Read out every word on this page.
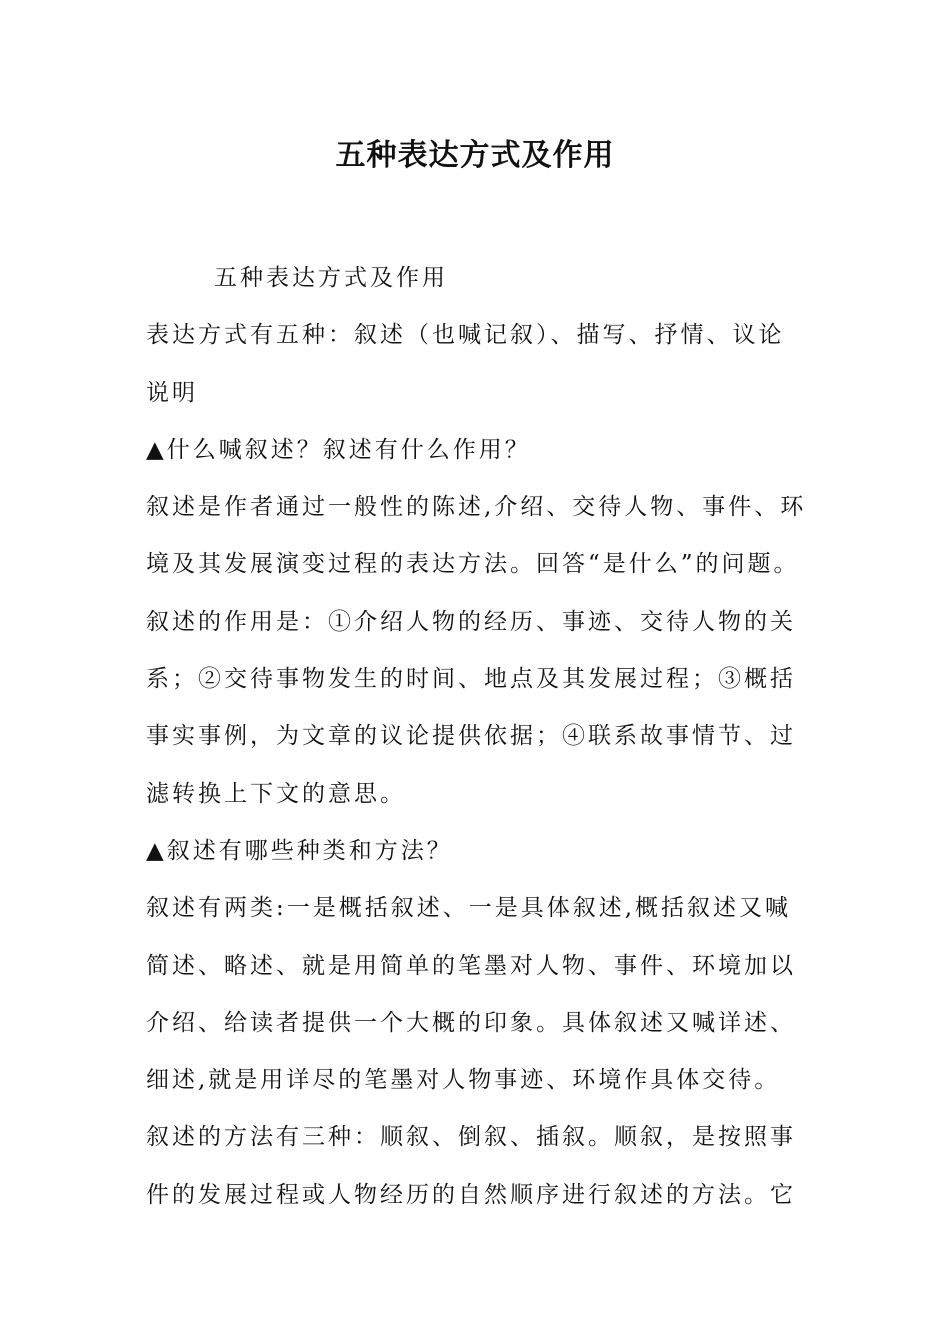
五种表达方式及作用
五种表达方式及作用
表达方式有五种：叙述（也喊记叙）、描写、抒情、议论
说明
▲什么喊叙述？叙述有什么作用？
叙述是作者通过一般性的陈述,介绍、交待人物、事件、环
境及其发展演变过程的表达方法。回答“是什么”的问题。
叙述的作用是：①介绍人物的经历、事迹、交待人物的关
系；②交待事物发生的时间、地点及其发展过程；③概括
事实事例，为文章的议论提供依据；④联系故事情节、过
滤转换上下文的意思。
▲叙述有哪些种类和方法？
叙述有两类:一是概括叙述、一是具体叙述,概括叙述又喊
简述、略述、就是用简单的笔墨对人物、事件、环境加以
介绍、给读者提供一个大概的印象。具体叙述又喊详述、
细述,就是用详尽的笔墨对人物事迹、环境作具体交待。
叙述的方法有三种：顺叙、倒叙、插叙。顺叙，是按照事
件的发展过程或人物经历的自然顺序进行叙述的方法。它
